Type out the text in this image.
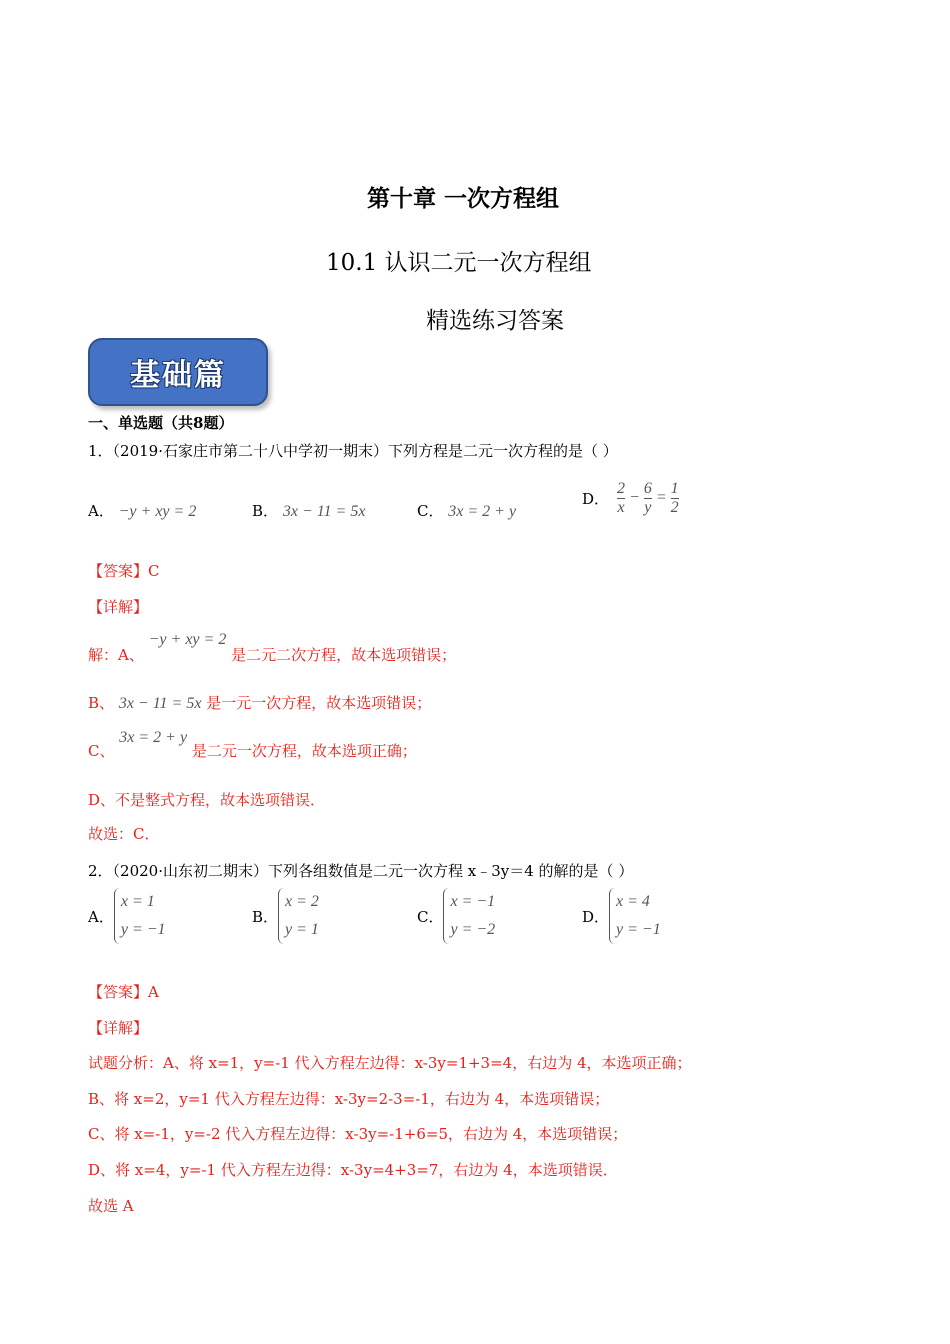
第十章 一次方程组
10.1 认识二元一次方程组
精选练习答案
基础篇
一、单选题（共8题）
1．（2019·石家庄市第二十八中学初一期末）下列方程是二元一次方程的是（ ）
A． −y + xy = 2	B． 3x − 11 = 5x	C． 3x = 2 + y
D． $\frac{2}{x} - \frac{6}{y} = \frac{1}{2}$
【答案】C
【详解】
解：A、 −y + xy = 2 是二元二次方程，故本选项错误；
B、 3x − 11 = 5x 是一元一次方程，故本选项错误；
C、 3x = 2 + y 是二元一次方程，故本选项正确；
D、不是整式方程，故本选项错误．
故选：C．
2．（2020·山东初二期末）下列各组数值是二元一次方程 x﹣3y＝4 的解的是（ ）
A．
x = 1
y = −1
B．
x = 2
y = 1
C．
x = −1
y = −2
D．
x = 4
y = −1
【答案】A
【详解】
试题分析：A、将 x=1，y=-1 代入方程左边得：x-3y=1+3=4，右边为 4，本选项正确；
B、将 x=2，y=1 代入方程左边得：x-3y=2-3=-1，右边为 4，本选项错误；
C、将 x=-1，y=-2 代入方程左边得：x-3y=-1+6=5，右边为 4，本选项错误；
D、将 x=4，y=-1 代入方程左边得：x-3y=4+3=7，右边为 4，本选项错误．
故选 A
